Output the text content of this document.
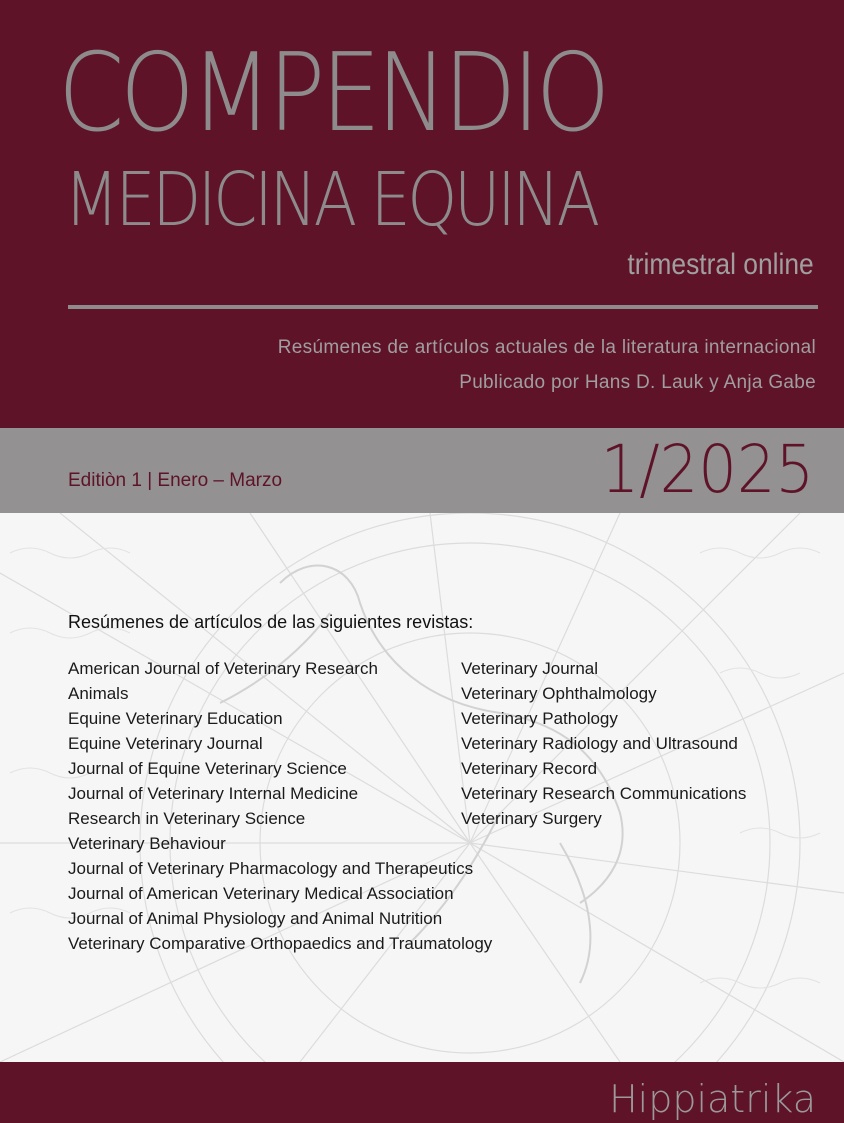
COMPENDIO
MEDICINA EQUINA
trimestral online
Resúmenes de artículos actuales de la literatura internacional
Publicado por Hans D. Lauk y Anja Gabe
Editiòn 1 | Enero – Marzo	1/2025
Resúmenes de artículos de las siguientes revistas:
American Journal of Veterinary Research
Animals
Equine Veterinary Education
Equine Veterinary Journal
Journal of Equine Veterinary Science
Journal of Veterinary Internal Medicine
Research in Veterinary Science
Veterinary Behaviour
Journal of Veterinary Pharmacology and Therapeutics
Journal of American Veterinary Medical Association
Journal of Animal Physiology and Animal Nutrition
Veterinary Comparative Orthopaedics and Traumatology
Veterinary Journal
Veterinary Ophthalmology
Veterinary Pathology
Veterinary Radiology and Ultrasound
Veterinary Record
Veterinary Research Communications
Veterinary Surgery
Hippiatrika
